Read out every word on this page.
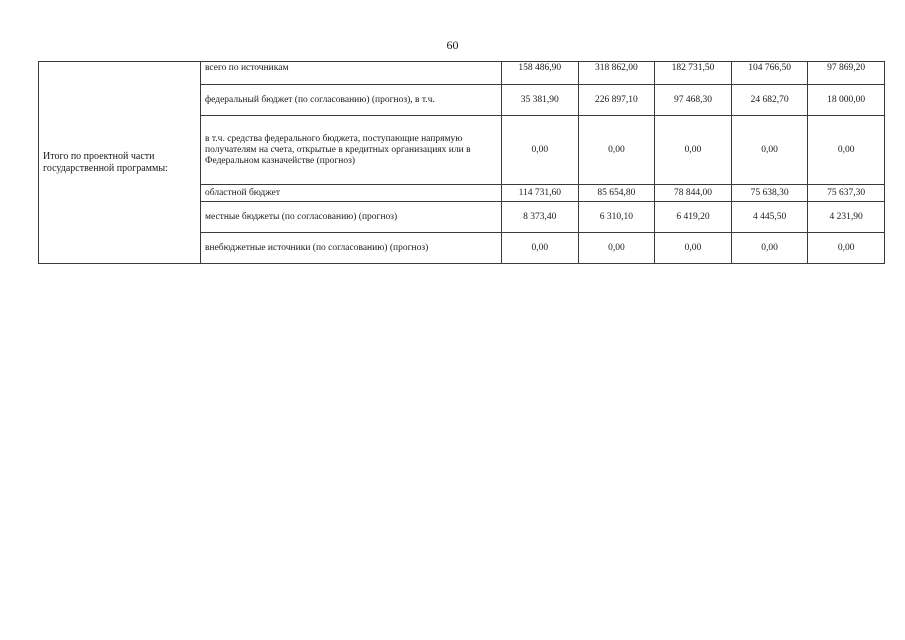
60
Итого по проектной части государственной программы:	всего по источникам	158 486,90	318 862,00	182 731,50	104 766,50	97 869,20
	федеральный бюджет (по согласованию) (прогноз), в т.ч.	35 381,90	226 897,10	97 468,30	24 682,70	18 000,00
	в т.ч. средства федерального бюджета, поступающие напрямую получателям на счета, открытые в кредитных организациях или в Федеральном казначействе (прогноз)	0,00	0,00	0,00	0,00	0,00
	областной бюджет	114 731,60	85 654,80	78 844,00	75 638,30	75 637,30
	местные бюджеты (по согласованию) (прогноз)	8 373,40	6 310,10	6 419,20	4 445,50	4 231,90
	внебюджетные источники (по согласованию) (прогноз)	0,00	0,00	0,00	0,00	0,00
